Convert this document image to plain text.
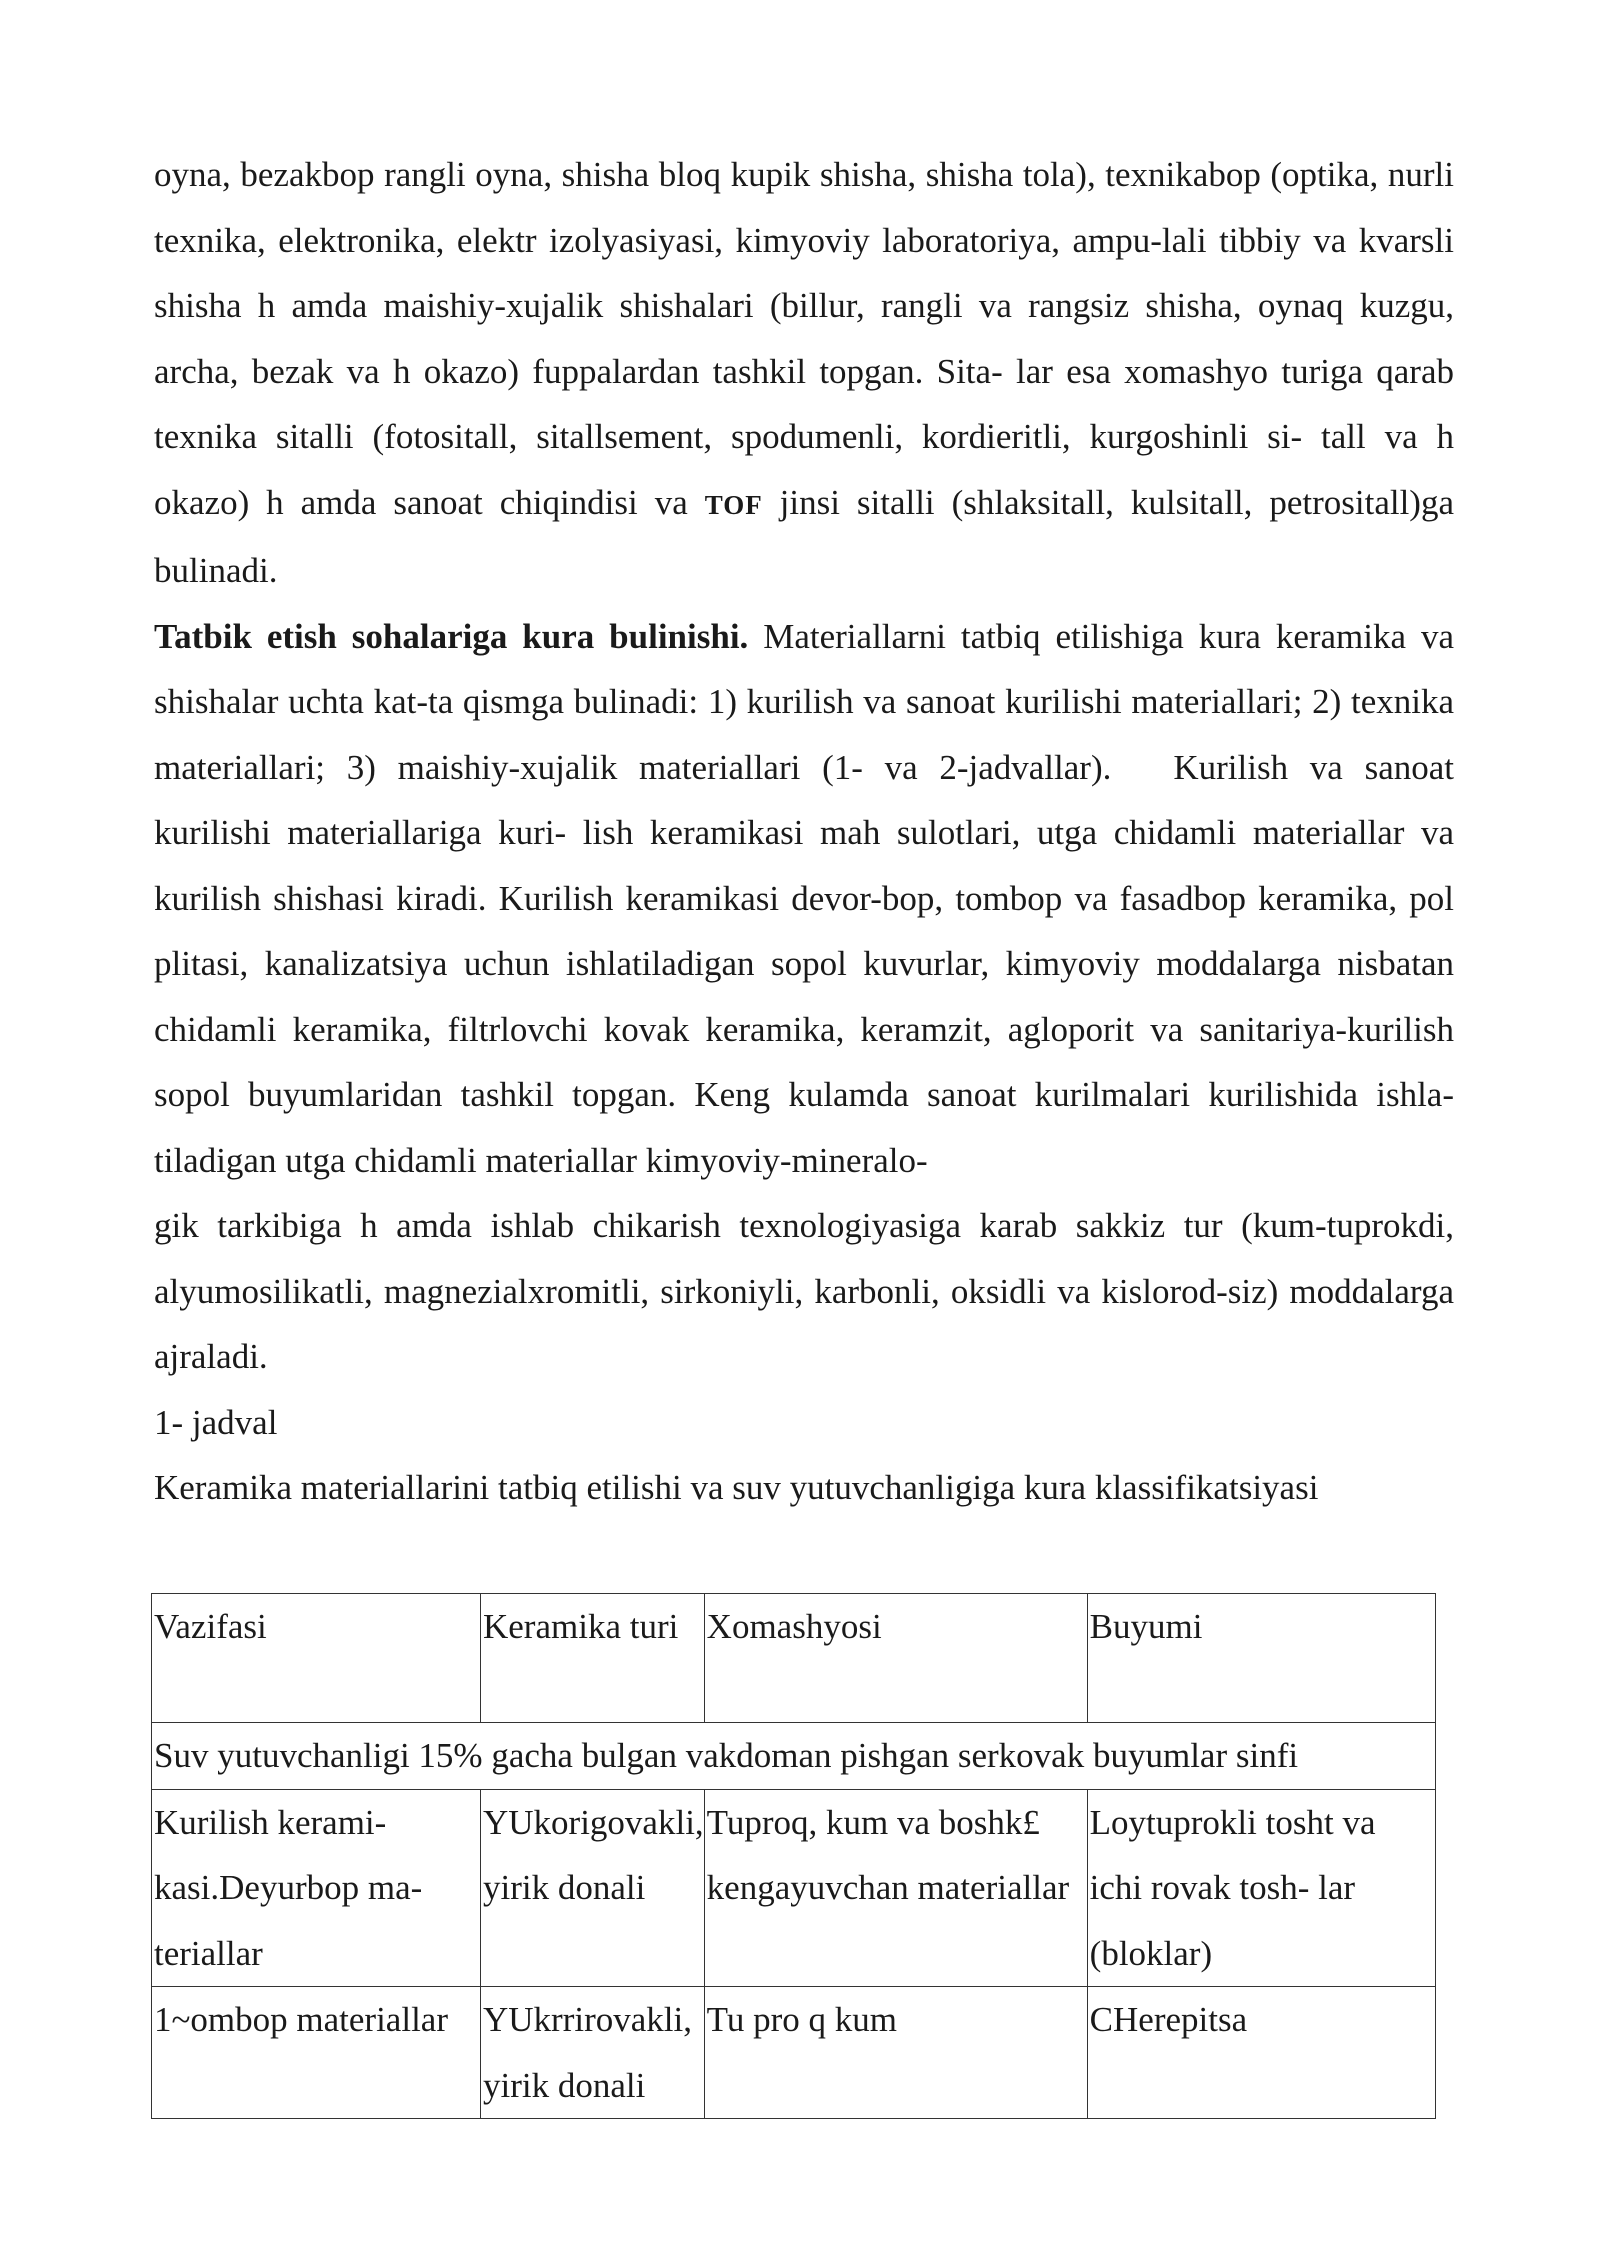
oyna, bezakbop rangli oyna, shisha bloq kupik shisha, shisha tola), texnikabop (optika, nurli texnika, elektronika, elektr izolyasiyasi, kimyoviy laboratoriya, ampu-lali tibbiy va kvarsli shisha h amda maishiy-xujalik shishalari (billur, rangli va rangsiz shisha, oynaq kuzgu, archa, bezak va h okazo) fuppalardan tashkil topgan. Sita- lar esa xomashyo turiga qarab texnika sitalli (fotositall, sitallsement, spodumenli, kordieritli, kurgoshinli si- tall va h okazo) h amda sanoat chiqindisi va TOF jinsi sitalli (shlaksitall, kulsitall, petrositall)ga bulinadi.

Tatbik etish sohalariga kura bulinishi. Materiallarni tatbiq etilishiga kura keramika va shishalar uchta kat-ta qismga bulinadi: 1) kurilish va sanoat kurilishi materiallari; 2) texnika materiallari; 3) maishiy-xujalik materiallari (1- va 2-jadvallar). Kurilish va sanoat kurilishi materiallariga kuri- lish keramikasi mah sulotlari, utga chidamli materiallar va kurilish shishasi kiradi. Kurilish keramikasi devor-bop, tombop va fasadbop keramika, pol plitasi, kanalizatsiya uchun ishlatiladigan sopol kuvurlar, kimyoviy moddalarga nisbatan chidamli keramika, filtrlovchi kovak keramika, keramzit, agloporit va sanitariya-kurilish sopol buyumlaridan tashkil topgan. Keng kulamda sanoat kurilmalari kurilishida ishla-tiladigan utga chidamli materiallar kimyoviy-mineralo-

gik tarkibiga h amda ishlab chikarish texnologiyasiga karab sakkiz tur (kum-tuprokdi, alyumosilikatli, magnezialxromitli, sirkoniyli, karbonli, oksidli va kislorod-siz) moddalarga ajraladi.

1- jadval

Keramika materiallarini tatbiq etilishi va suv yutuvchanligiga kura klassifikatsiyasi

Vazifasi	Keramika turi	Xomashyosi	Buyumi
Suv yutuvchanligi 15% gacha bulgan vakdoman pishgan serkovak buyumlar sinfi			
Kurilish kerami-kasi.Deyurbop ma-teriallar	YUkorigovakli, yirik donali	Tuproq, kum va boshk£ kengayuvchan materiallar	Loytuprokli tosht va ichi rovak tosh- lar (bloklar)
1~ombop materiallar	YUkrrirovakli, yirik donali	Tu pro q kum	CHerepitsa
